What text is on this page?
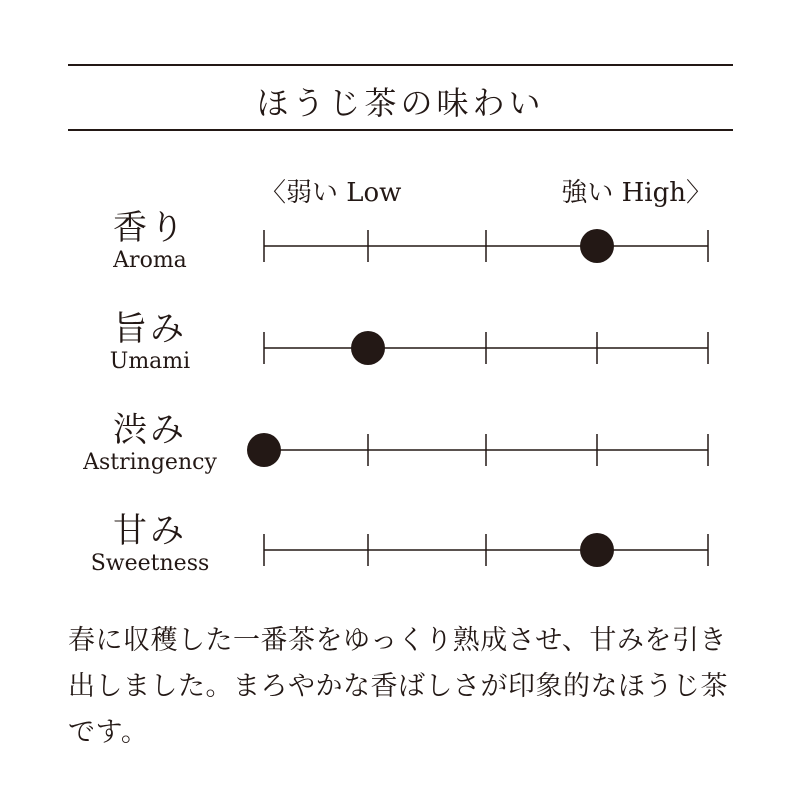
ほうじ茶の味わい
〈弱い Low	強い High〉
香り
Aroma
旨み
Umami
渋み
Astringency
甘み
Sweetness
春に収穫した一番茶をゆっくり熟成させ、甘みを引き出しました。まろやかな香ばしさが印象的なほうじ茶です。
